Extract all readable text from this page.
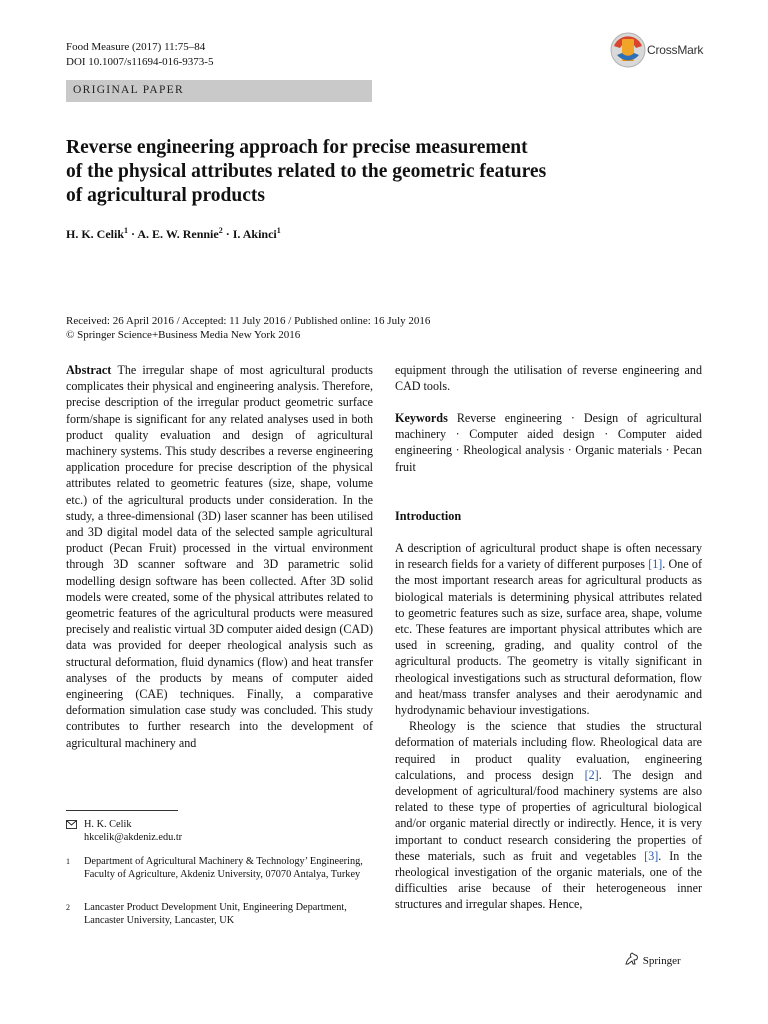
Food Measure (2017) 11:75–84
DOI 10.1007/s11694-016-9373-5
CrossMark
ORIGINAL PAPER
Reverse engineering approach for precise measurement
of the physical attributes related to the geometric features
of agricultural products
H. K. Celik$^1$ · A. E. W. Rennie$^2$ · I. Akinci$^1$
Received: 26 April 2016 / Accepted: 11 July 2016 / Published online: 16 July 2016
© Springer Science+Business Media New York 2016

Abstract The irregular shape of most agricultural products complicates their physical and engineering analysis. Therefore, precise description of the irregular product geometric surface form/shape is significant for any related analyses used in both product quality evaluation and design of agricultural machinery systems. This study describes a reverse engineering application procedure for precise description of the physical attributes related to geometric features (size, shape, volume etc.) of the agricultural products under consideration. In the study, a three-dimensional (3D) laser scanner has been utilised and 3D digital model data of the selected sample agricultural product (Pecan Fruit) processed in the virtual environment through 3D scanner software and 3D parametric solid modelling design software has been collected. After 3D solid models were created, some of the physical attributes related to geometric features of the agricultural products were measured precisely and realistic virtual 3D computer aided design (CAD) data was provided for deeper rheological analysis such as structural deformation, fluid dynamics (flow) and heat transfer analyses of the products by means of computer aided engineering (CAE) techniques. Finally, a comparative deformation simulation case study was concluded. This study contributes to further research into the development of agricultural machinery and

equipment through the utilisation of reverse engineering and CAD tools.

Keywords Reverse engineering · Design of agricultural machinery · Computer aided design · Computer aided engineering · Rheological analysis · Organic materials · Pecan fruit

Introduction

A description of agricultural product shape is often necessary in research fields for a variety of different purposes [1]. One of the most important research areas for agricultural products as biological materials is determining physical attributes related to geometric features such as size, surface area, shape, volume etc. These features are important physical attributes which are used in screening, grading, and quality control of the agricultural products. The geometry is vitally significant in rheological investigations such as structural deformation, flow and heat/mass transfer analyses and their aerodynamic and hydrodynamic behaviour investigations.

Rheology is the science that studies the structural deformation of materials including flow. Rheological data are required in product quality evaluation, engineering calculations, and process design [2]. The design and development of agricultural/food machinery systems are also related to these type of properties of agricultural biological and/or organic material directly or indirectly. Hence, it is very important to conduct research considering the properties of these materials, such as fruit and vegetables [3]. In the rheological investigation of the organic materials, one of the difficulties arise because of their heterogeneous inner structures and irregular shapes. Hence,

H. K. Celik
hkcelik@akdeniz.edu.tr
1 Department of Agricultural Machinery & Technology’ Engineering, Faculty of Agriculture, Akdeniz University, 07070 Antalya, Turkey
2 Lancaster Product Development Unit, Engineering Department, Lancaster University, Lancaster, UK
Springer
